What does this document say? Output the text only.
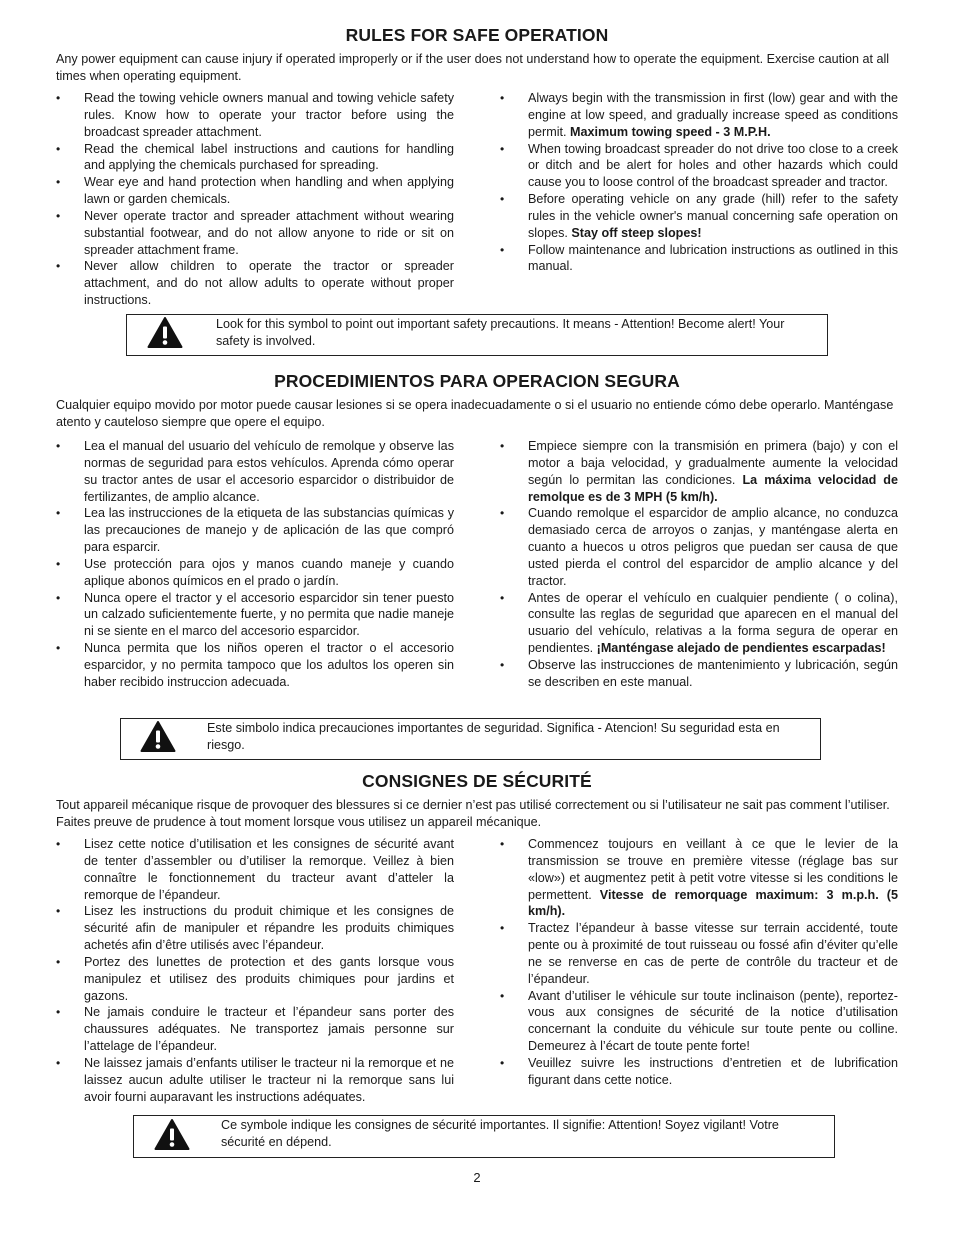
RULES FOR SAFE OPERATION
Any power equipment can cause injury if operated improperly or if the user does not understand how to operate the equipment. Exercise caution at all times when operating equipment.
• Read the towing vehicle owners manual and towing vehicle safety rules. Know how to operate your tractor before using the broadcast spreader attachment.
• Read the chemical label instructions and cautions for handling and applying the chemicals purchased for spreading.
• Wear eye and hand protection when handling and when applying lawn or garden chemicals.
• Never operate tractor and spreader attachment without wearing substantial footwear, and do not allow anyone to ride or sit on spreader attachment frame.
• Never allow children to operate the tractor or spreader attachment, and do not allow adults to operate without proper instructions.
• Always begin with the transmission in first (low) gear and with the engine at low speed, and gradually increase speed as conditions permit. Maximum towing speed - 3 M.P.H.
• When towing broadcast spreader do not drive too close to a creek or ditch and be alert for holes and other hazards which could cause you to loose control of the broadcast spreader and tractor.
• Before operating vehicle on any grade (hill) refer to the safety rules in the vehicle owner's manual concerning safe operation on slopes. Stay off steep slopes!
• Follow maintenance and lubrication instructions as outlined in this manual.
Look for this symbol to point out important safety precautions. It means - Attention! Become alert! Your safety is involved.
PROCEDIMIENTOS PARA OPERACION SEGURA
Cualquier equipo movido por motor puede causar lesiones si se opera inadecuadamente o si el usuario no entiende cómo debe operarlo. Manténgase atento y cauteloso siempre que opere el equipo.
• Lea el manual del usuario del vehículo de remolque y observe las normas de seguridad para estos vehículos. Aprenda cómo operar su tractor antes de usar el accesorio esparcidor o distribuidor de fertilizantes, de amplio alcance.
• Lea las instrucciones de la etiqueta de las substancias químicas y las precauciones de manejo y de aplicación de las que compró para esparcir.
• Use protección para ojos y manos cuando maneje y cuando aplique abonos químicos en el prado o jardín.
• Nunca opere el tractor y el accesorio esparcidor sin tener puesto un calzado suficientemente fuerte, y no permita que nadie maneje ni se siente en el marco del accesorio esparcidor.
• Nunca permita que los niños operen el tractor o el accesorio esparcidor, y no permita tampoco que los adultos los operen sin haber recibido instruccion adecuada.
• Empiece siempre con la transmisión en primera (bajo) y con el motor a baja velocidad, y gradualmente aumente la velocidad según lo permitan las condiciones. La máxima velocidad de remolque es de 3 MPH (5 km/h).
• Cuando remolque el esparcidor de amplio alcance, no conduzca demasiado cerca de arroyos o zanjas, y manténgase alerta en cuanto a huecos u otros peligros que puedan ser causa de que usted pierda el control del esparcidor de amplio alcance y del tractor.
• Antes de operar el vehículo en cualquier pendiente ( o colina), consulte las reglas de seguridad que aparecen en el manual del usuario del vehículo, relativas a la forma segura de operar en pendientes. ¡Manténgase alejado de pendientes escarpadas!
• Observe las instrucciones de mantenimiento y lubricación, según se describen en este manual.
Este simbolo indica precauciones importantes de seguridad. Significa - Atencion! Su seguridad esta en riesgo.
CONSIGNES DE SÉCURITÉ
Tout appareil mécanique risque de provoquer des blessures si ce dernier n’est pas utilisé correctement ou si l’utilisateur ne sait pas comment l’utiliser. Faites preuve de prudence à tout moment lorsque vous utilisez un appareil mécanique.
• Lisez cette notice d’utilisation et les consignes de sécurité avant de tenter d’assembler ou d’utiliser la remorque. Veillez à bien connaître le fonctionnement du tracteur avant d’atteler la remorque de l’épandeur.
• Lisez les instructions du produit chimique et les consignes de sécurité afin de manipuler et répandre les produits chimiques achetés afin d’être utilisés avec l’épandeur.
• Portez des lunettes de protection et des gants lorsque vous manipulez et utilisez des produits chimiques pour jardins et gazons.
• Ne jamais conduire le tracteur et l’épandeur sans porter des chaussures adéquates. Ne transportez jamais personne sur l’attelage de l’épandeur.
• Ne laissez jamais d’enfants utiliser le tracteur ni la remorque et ne laissez aucun adulte utiliser le tracteur ni la remorque sans lui avoir fourni auparavant les instructions adéquates.
• Commencez toujours en veillant à ce que le levier de la transmission se trouve en première vitesse (réglage bas sur «low») et augmentez petit à petit votre vitesse si les conditions le permettent. Vitesse de remorquage maximum: 3 m.p.h. (5 km/h).
• Tractez l’épandeur à basse vitesse sur terrain accidenté, toute pente ou à proximité de tout ruisseau ou fossé afin d’éviter qu’elle ne se renverse en cas de perte de contrôle du tracteur et de l’épandeur.
• Avant d’utiliser le véhicule sur toute inclinaison (pente), reportez-vous aux consignes de sécurité de la notice d’utilisation concernant la conduite du véhicule sur toute pente ou colline. Demeurez à l’écart de toute pente forte!
• Veuillez suivre les instructions d’entretien et de lubrification figurant dans cette notice.
Ce symbole indique les consignes de sécurité importantes. Il signifie: Attention! Soyez vigilant! Votre sécurité en dépend.
2
